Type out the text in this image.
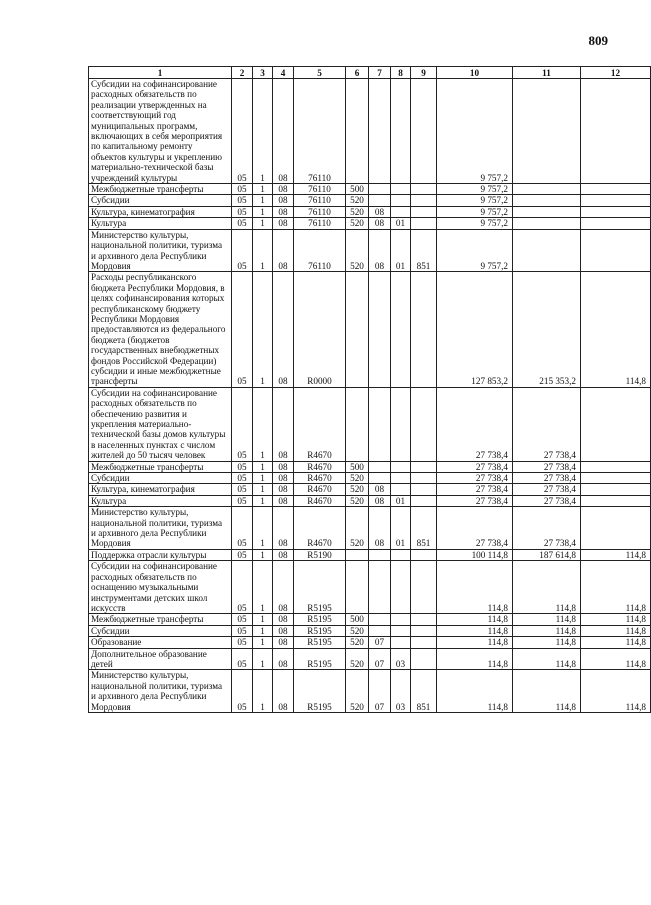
809
1	2	3	4	5	6	7	8	9	10	11	12
Субсидии на софинансирование расходных обязательств по реализации утвержденных на соответствующий год муниципальных программ, включающих в себя мероприятия по капитальному ремонту объектов культуры и укреплению материально-технической базы учреждений культуры	05	1	08	76110					9 757,2		
Межбюджетные трансферты	05	1	08	76110	500				9 757,2		
Субсидии	05	1	08	76110	520				9 757,2		
Культура, кинематография	05	1	08	76110	520	08			9 757,2		
Культура	05	1	08	76110	520	08	01		9 757,2		
Министерство культуры, национальной политики, туризма и архивного дела Республики Мордовия	05	1	08	76110	520	08	01	851	9 757,2		
Расходы республиканского бюджета Республики Мордовия, в целях софинансирования которых республиканскому бюджету Республики Мордовия предоставляются из федерального бюджета (бюджетов государственных внебюджетных фондов Российской Федерации) субсидии и иные межбюджетные трансферты	05	1	08	R0000					127 853,2	215 353,2	114,8
Субсидии на софинансирование расходных обязательств по обеспечению развития и укрепления материально-технической базы домов культуры в населенных пунктах с числом жителей до 50 тысяч человек	05	1	08	R4670					27 738,4	27 738,4	
Межбюджетные трансферты	05	1	08	R4670	500				27 738,4	27 738,4	
Субсидии	05	1	08	R4670	520				27 738,4	27 738,4	
Культура, кинематография	05	1	08	R4670	520	08			27 738,4	27 738,4	
Культура	05	1	08	R4670	520	08	01		27 738,4	27 738,4	
Министерство культуры, национальной политики, туризма и архивного дела Республики Мордовия	05	1	08	R4670	520	08	01	851	27 738,4	27 738,4	
Поддержка отрасли культуры	05	1	08	R5190					100 114,8	187 614,8	114,8
Субсидии на софинансирование расходных обязательств по оснащению музыкальными инструментами детских школ искусств	05	1	08	R5195					114,8	114,8	114,8
Межбюджетные трансферты	05	1	08	R5195	500				114,8	114,8	114,8
Субсидии	05	1	08	R5195	520				114,8	114,8	114,8
Образование	05	1	08	R5195	520	07			114,8	114,8	114,8
Дополнительное образование детей	05	1	08	R5195	520	07	03		114,8	114,8	114,8
Министерство культуры, национальной политики, туризма и архивного дела Республики Мордовия	05	1	08	R5195	520	07	03	851	114,8	114,8	114,8
